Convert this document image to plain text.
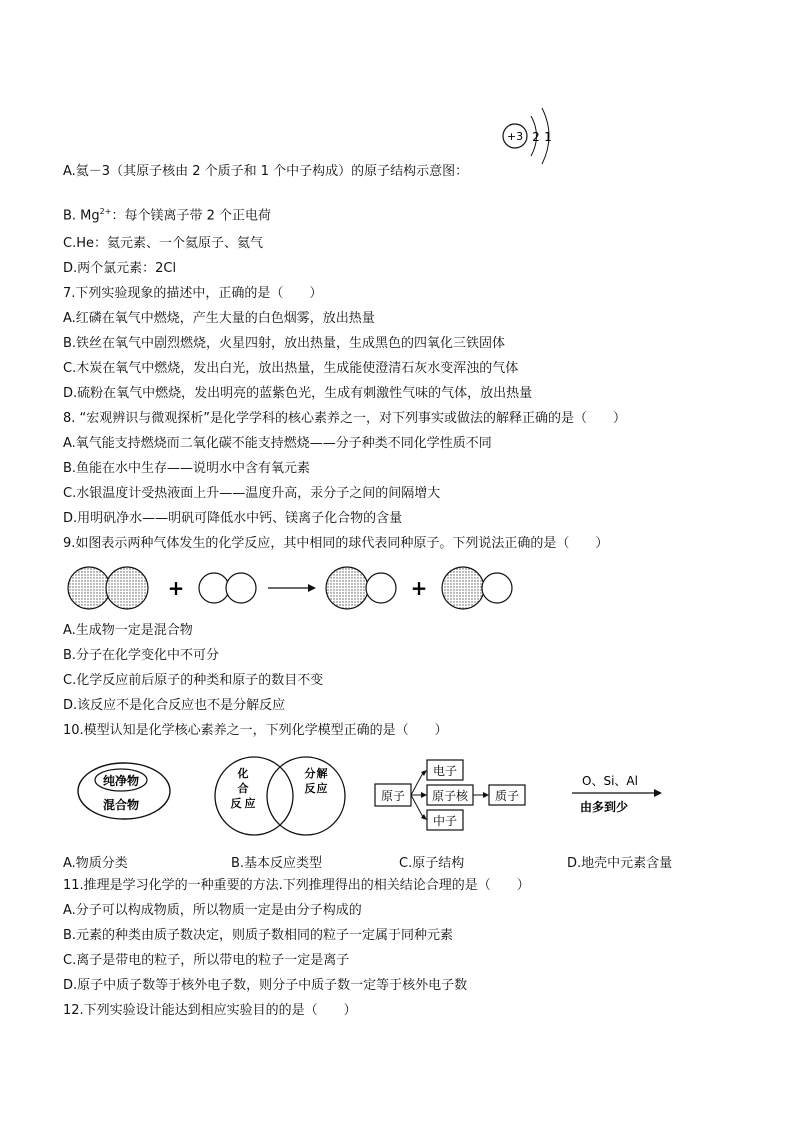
+3 2 1
A.氦－3（其原子核由 2 个质子和 1 个中子构成）的原子结构示意图：
B. $Mg^{2+}$：每个镁离子带 2 个正电荷
C.He：氦元素、一个氦原子、氦气
D.两个氯元素：2Cl
7.下列实验现象的描述中，正确的是（　　）
A.红磷在氧气中燃烧，产生大量的白色烟雾，放出热量
B.铁丝在氧气中剧烈燃烧，火星四射，放出热量，生成黑色的四氧化三铁固体
C.木炭在氧气中燃烧，发出白光，放出热量，生成能使澄清石灰水变浑浊的气体
D.硫粉在氧气中燃烧，发出明亮的蓝紫色光，生成有刺激性气味的气体，放出热量
8. “宏观辨识与微观探析”是化学学科的核心素养之一，对下列事实或做法的解释正确的是（　　）
A.氧气能支持燃烧而二氧化碳不能支持燃烧——分子种类不同化学性质不同
B.鱼能在水中生存——说明水中含有氧元素
C.水银温度计受热液面上升——温度升高，汞分子之间的间隔增大
D.用明矾净水——明矾可降低水中钙、镁离子化合物的含量
9.如图表示两种气体发生的化学反应，其中相同的球代表同种原子。下列说法正确的是（　　）
+	+
A.生成物一定是混合物
B.分子在化学变化中不可分
C.化学反应前后原子的种类和原子的数目不变
D.该反应不是化合反应也不是分解反应
10.模型认知是化学核心素养之一，下列化学模型正确的是（　　）
纯净物
混合物
化
合
反 应
分 解
反 应
原子
电子
原子核
中子
质子
O、Si、Al
由多到少
A.物质分类	B.基本反应类型	C.原子结构	D.地壳中元素含量
11.推理是学习化学的一种重要的方法.下列推理得出的相关结论合理的是（　　）
A.分子可以构成物质，所以物质一定是由分子构成的
B.元素的种类由质子数决定，则质子数相同的粒子一定属于同种元素
C.离子是带电的粒子，所以带电的粒子一定是离子
D.原子中质子数等于核外电子数，则分子中质子数一定等于核外电子数
12.下列实验设计能达到相应实验目的的是（　　）
